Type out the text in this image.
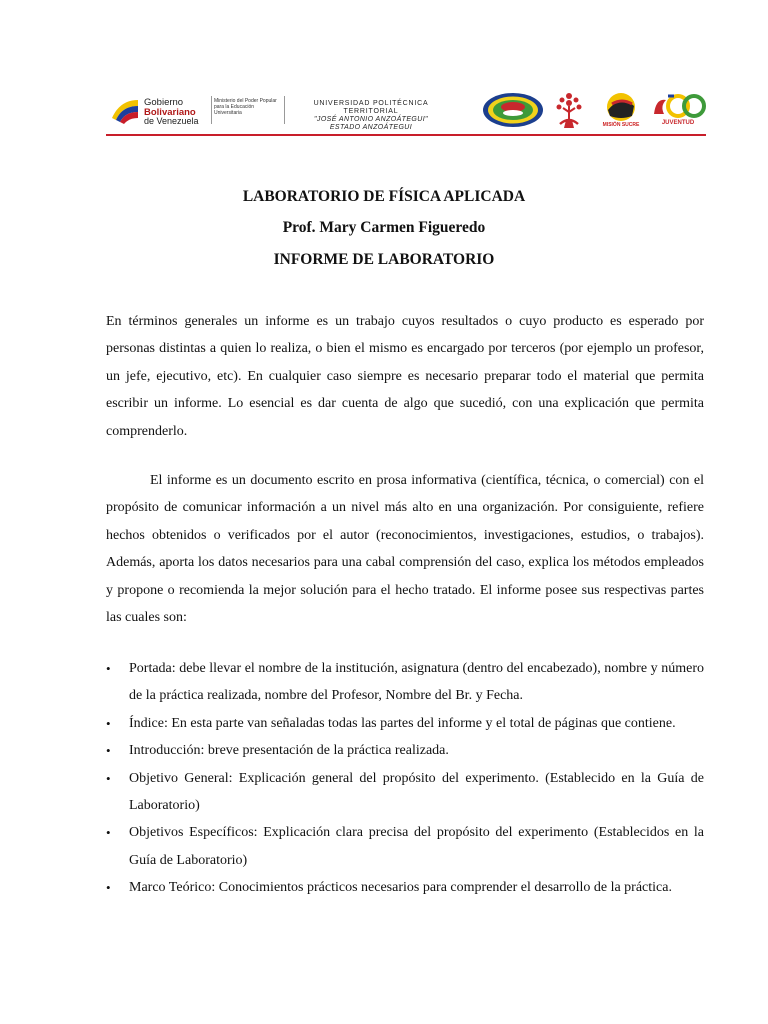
Gobierno Bolivariano
de Venezuela
Ministerio del Poder Popular para la Educación Universitaria
UNIVERSIDAD POLITÉCNICA TERRITORIAL
"JOSÉ ANTONIO ANZOÁTEGUI"
ESTADO ANZOÁTEGUI	MISIÓN SUCRE	JUVENTUD
LABORATORIO DE FÍSICA APLICADA
Prof. Mary Carmen Figueredo
INFORME DE LABORATORIO
En términos generales un informe es un trabajo cuyos resultados o cuyo producto es esperado por personas distintas a quien lo realiza, o bien el mismo es encargado por terceros (por ejemplo un profesor, un jefe, ejecutivo, etc). En cualquier caso siempre es necesario preparar todo el material que permita escribir un informe. Lo esencial es dar cuenta de algo que sucedió, con una explicación que permita comprenderlo.
El informe es un documento escrito en prosa informativa (científica, técnica, o comercial) con el propósito de comunicar información a un nivel más alto en una organización. Por consiguiente, refiere hechos obtenidos o verificados por el autor (reconocimientos, investigaciones, estudios, o trabajos). Además, aporta los datos necesarios para una cabal comprensión del caso, explica los métodos empleados y propone o recomienda la mejor solución para el hecho tratado. El informe posee sus respectivas partes las cuales son:
• Portada: debe llevar el nombre de la institución, asignatura (dentro del encabezado), nombre y número de la práctica realizada, nombre del Profesor, Nombre del Br. y Fecha.
• Índice: En esta parte van señaladas todas las partes del informe y el total de páginas que contiene.
• Introducción: breve presentación de la práctica realizada.
• Objetivo General: Explicación general del propósito del experimento. (Establecido en la Guía de Laboratorio)
• Objetivos Específicos: Explicación clara precisa del propósito del experimento (Establecidos en la Guía de Laboratorio)
• Marco Teórico: Conocimientos prácticos necesarios para comprender el desarrollo de la práctica.
